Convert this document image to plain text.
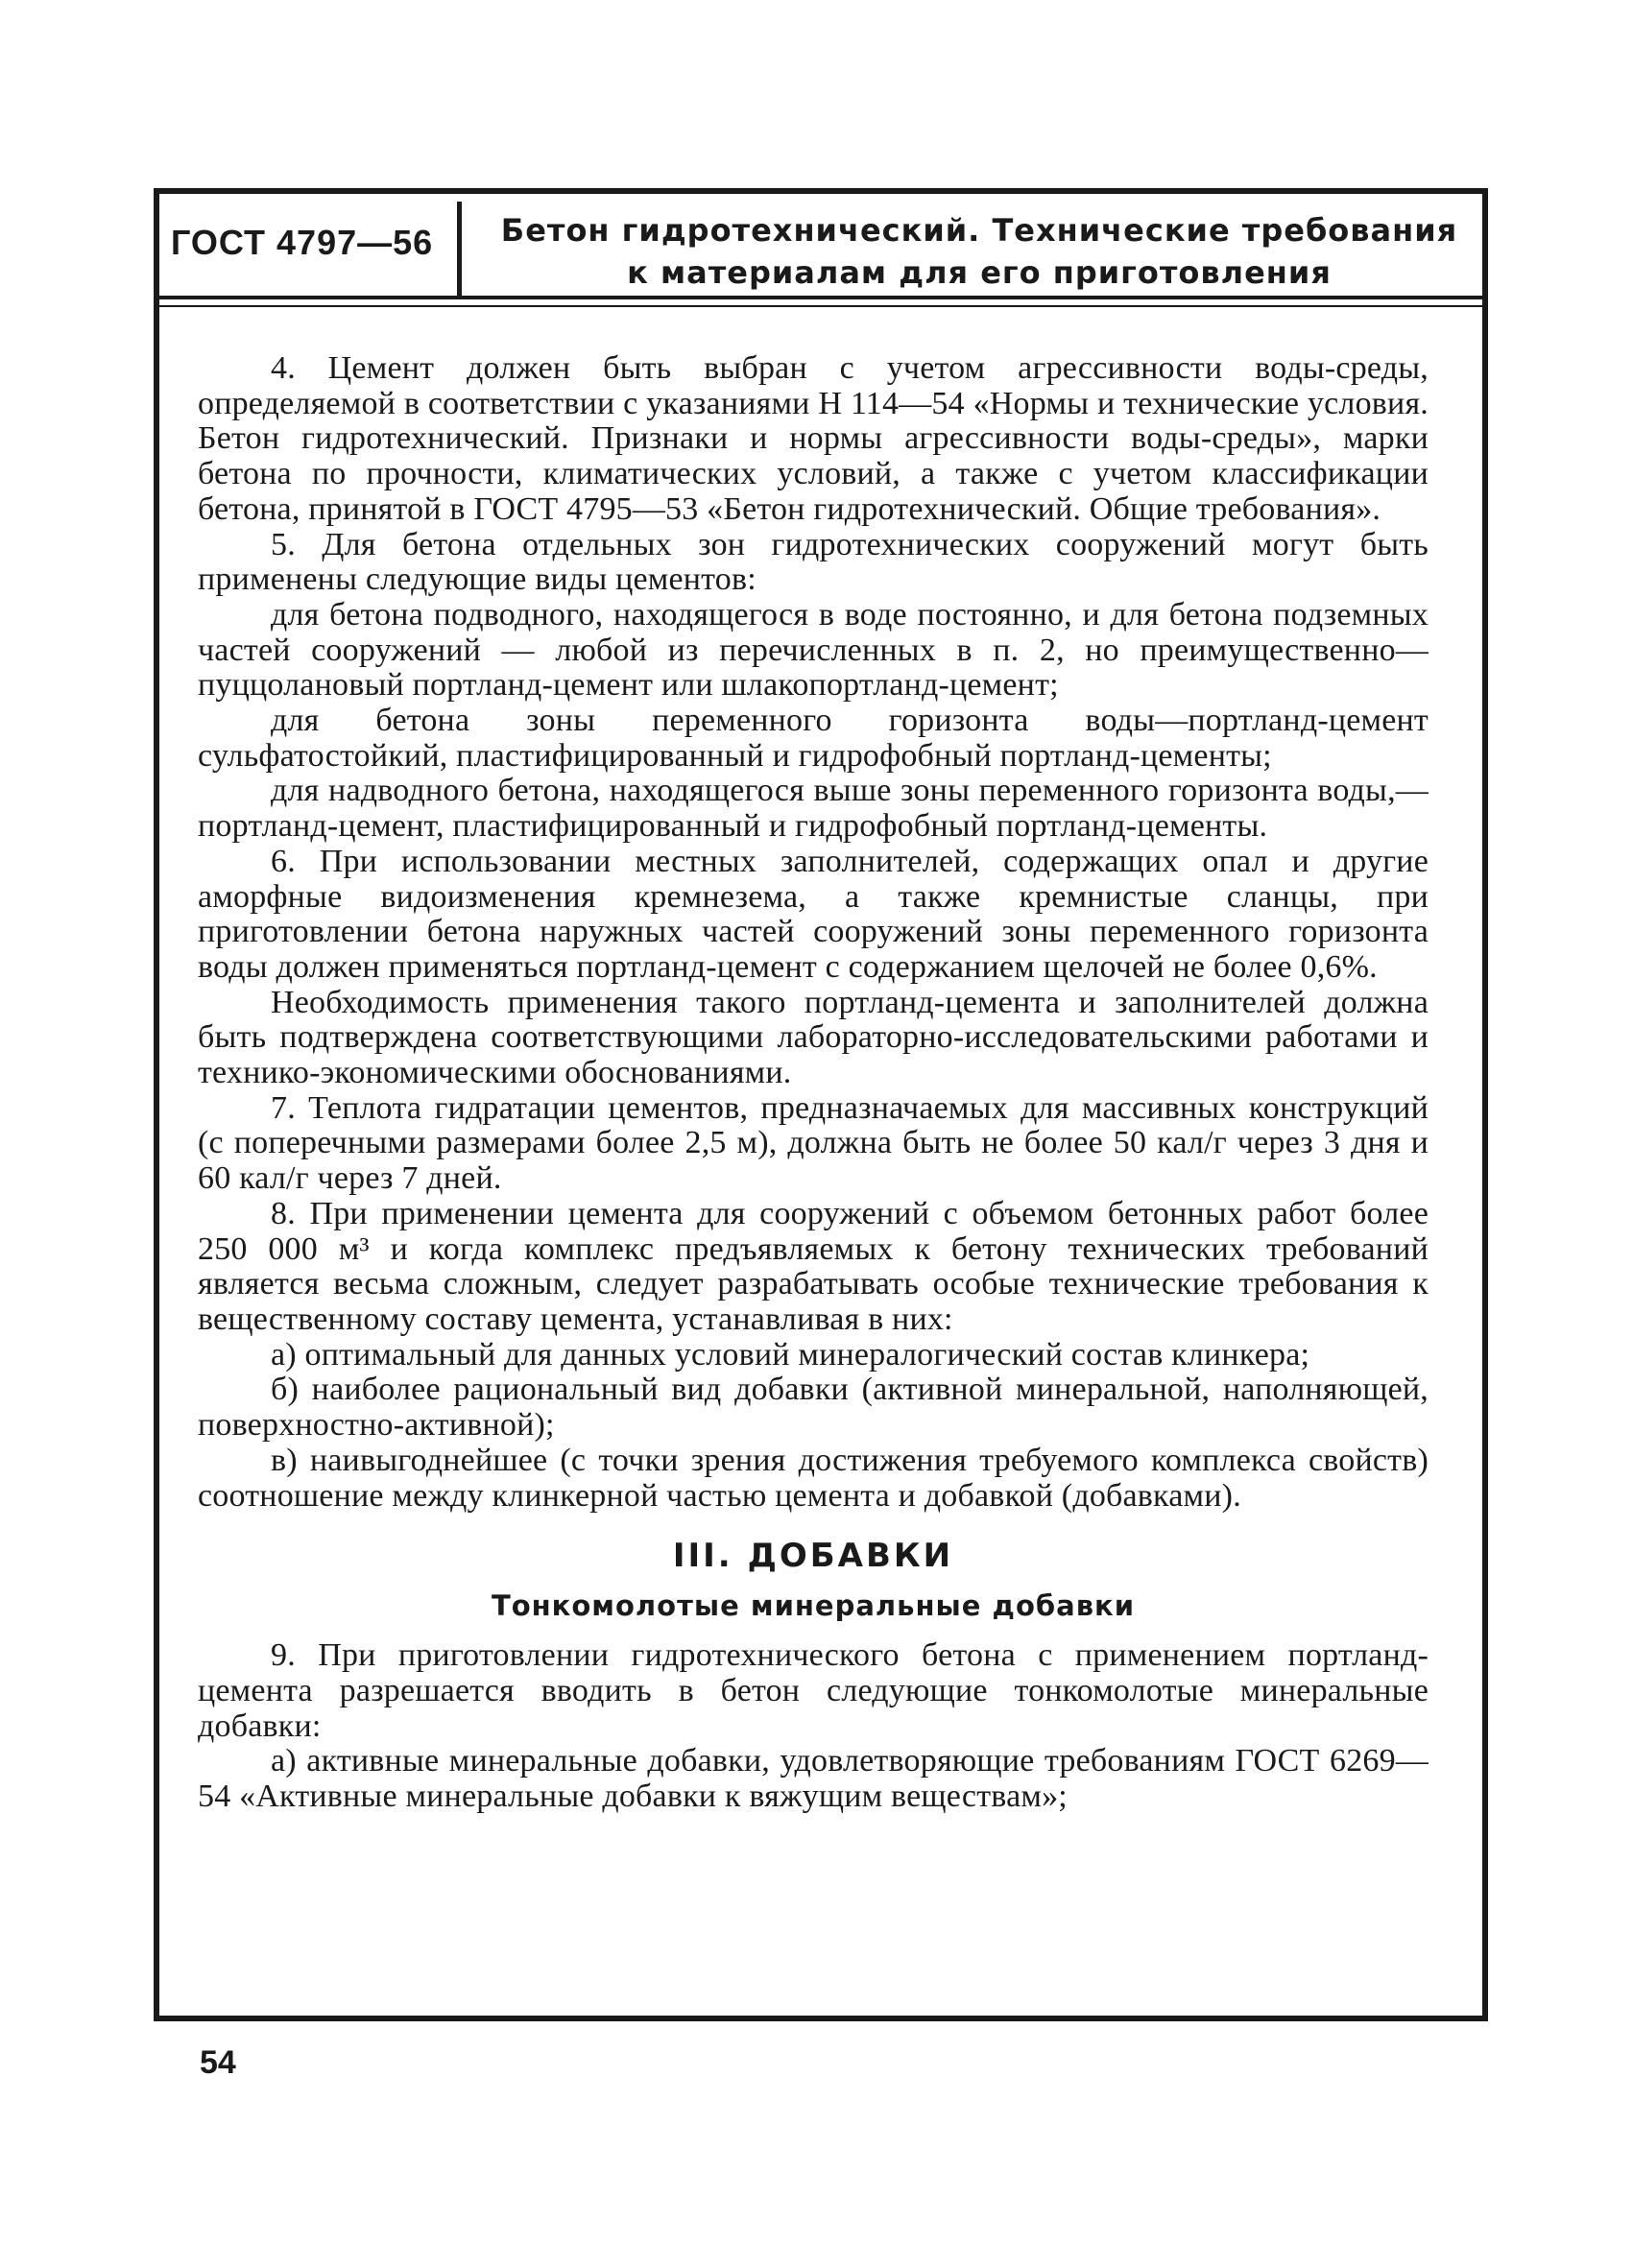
ГОСТ 4797—56	Бетон гидротехнический. Технические требования
к материалам для его приготовления

4. Цемент должен быть выбран с учетом агрессивности воды-среды, определяемой в соответствии с указаниями Н 114—54 «Нормы и технические условия. Бетон гидротехнический. Признаки и нормы агрессивности воды-среды», марки бетона по прочности, климатических условий, а также с учетом классификации бетона, принятой в ГОСТ 4795—53 «Бетон гидротехнический. Общие требования».

5. Для бетона отдельных зон гидротехнических сооружений могут быть применены следующие виды цементов:

для бетона подводного, находящегося в воде постоянно, и для бетона подземных частей сооружений — любой из перечисленных в п. 2, но преимущественно—пуццолановый портланд-цемент или шлакопортланд-цемент;

для бетона зоны переменного горизонта воды—портланд-цемент сульфатостойкий, пластифицированный и гидрофобный портланд-цементы;

для надводного бетона, находящегося выше зоны переменного горизонта воды,—портланд-цемент, пластифицированный и гидрофобный портланд-цементы.

6. При использовании местных заполнителей, содержащих опал и другие аморфные видоизменения кремнезема, а также кремнистые сланцы, при приготовлении бетона наружных частей сооружений зоны переменного горизонта воды должен применяться портланд-цемент с содержанием щелочей не более 0,6%.

Необходимость применения такого портланд-цемента и заполнителей должна быть подтверждена соответствующими лабораторно-исследовательскими работами и технико-экономическими обоснованиями.

7. Теплота гидратации цементов, предназначаемых для массивных конструкций (с поперечными размерами более 2,5 м), должна быть не более 50 кал/г через 3 дня и 60 кал/г через 7 дней.

8. При применении цемента для сооружений с объемом бетонных работ более 250 000 м³ и когда комплекс предъявляемых к бетону технических требований является весьма сложным, следует разрабатывать особые технические требования к вещественному составу цемента, устанавливая в них:

а) оптимальный для данных условий минералогический состав клинкера;

б) наиболее рациональный вид добавки (активной минеральной, наполняющей, поверхностно-активной);

в) наивыгоднейшее (с точки зрения достижения требуемого комплекса свойств) соотношение между клинкерной частью цемента и добавкой (добавками).

III. ДОБАВКИ
Тонкомолотые минеральные добавки

9. При приготовлении гидротехнического бетона с применением портланд-цемента разрешается вводить в бетон следующие тонкомолотые минеральные добавки:

а) активные минеральные добавки, удовлетворяющие требованиям ГОСТ 6269—54 «Активные минеральные добавки к вяжущим веществам»;

54
